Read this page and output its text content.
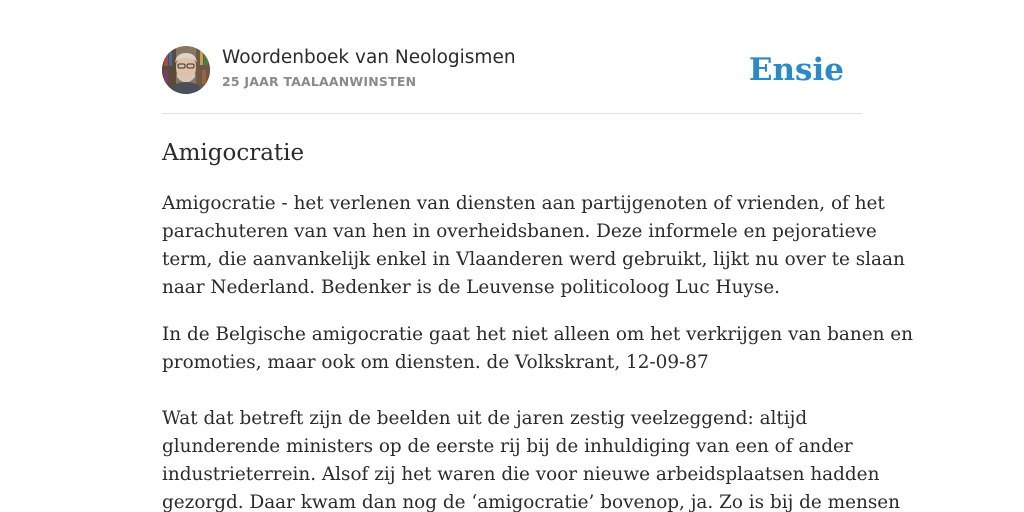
Woordenboek van Neologismen
25 JAAR TAALAANWINSTEN	Ensie
Amigocratie
Amigocratie - het verlenen van diensten aan partijgenoten of vrienden, of het
parachuteren van van hen in overheidsbanen. Deze informele en pejoratieve
term, die aanvankelijk enkel in Vlaanderen werd gebruikt, lijkt nu over te slaan
naar Nederland. Bedenker is de Leuvense politicoloog Luc Huyse.
In de Belgische amigocratie gaat het niet alleen om het verkrijgen van banen en
promoties, maar ook om diensten. de Volkskrant, 12-09-87
Wat dat betreft zijn de beelden uit de jaren zestig veelzeggend: altijd
glunderende ministers op de eerste rij bij de inhuldiging van een of ander
industrieterrein. Alsof zij het waren die voor nieuwe arbeidsplaatsen hadden
gezorgd. Daar kwam dan nog de ‘amigocratie’ bovenop, ja. Zo is bij de mensen
